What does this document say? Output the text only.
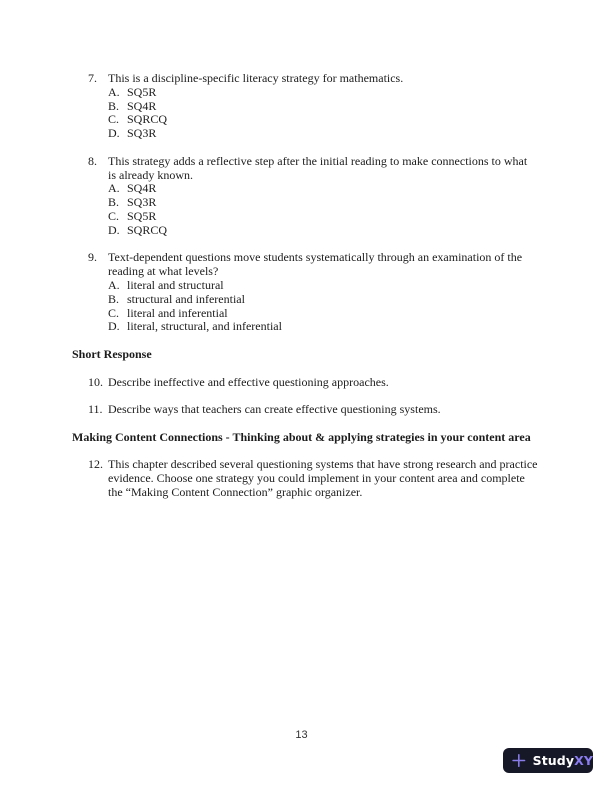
7. This is a discipline-specific literacy strategy for mathematics.
A. SQ5R
B. SQ4R
C. SQRCQ
D. SQ3R
8. This strategy adds a reflective step after the initial reading to make connections to what is already known.
A. SQ4R
B. SQ3R
C. SQ5R
D. SQRCQ
9. Text-dependent questions move students systematically through an examination of the reading at what levels?
A. literal and structural
B. structural and inferential
C. literal and inferential
D. literal, structural, and inferential
Short Response
10. Describe ineffective and effective questioning approaches.
11. Describe ways that teachers can create effective questioning systems.
Making Content Connections - Thinking about & applying strategies in your content area
12. This chapter described several questioning systems that have strong research and practice evidence. Choose one strategy you could implement in your content area and complete the “Making Content Connection” graphic organizer.
13
StudyXY
